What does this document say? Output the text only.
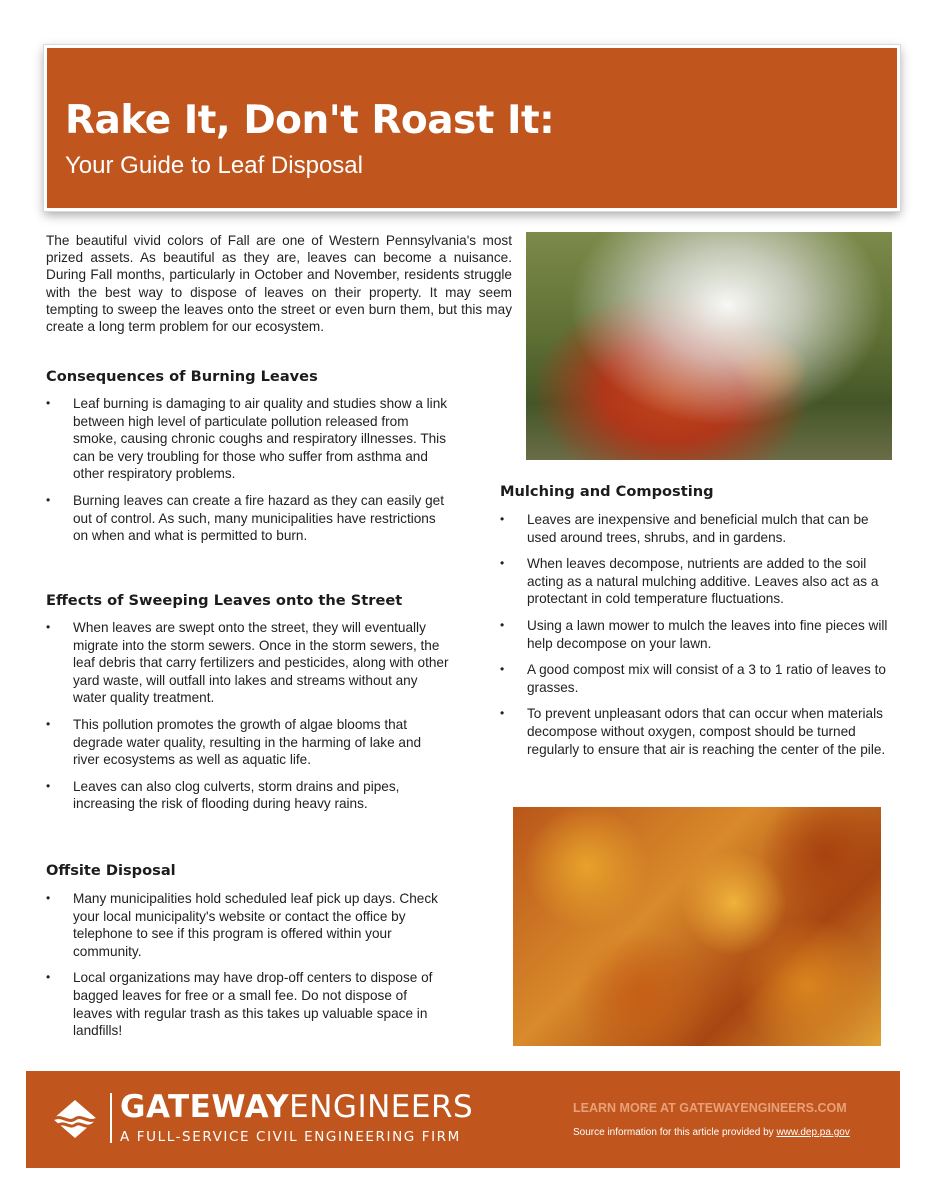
Rake It, Don't Roast It:
Your Guide to Leaf Disposal

The beautiful vivid colors of Fall are one of Western Pennsylvania's most prized assets. As beautiful as they are, leaves can become a nuisance. During Fall months, particularly in October and November, residents struggle with the best way to dispose of leaves on their property. It may seem tempting to sweep the leaves onto the street or even burn them, but this may create a long term problem for our ecosystem.

Consequences of Burning Leaves
• Leaf burning is damaging to air quality and studies show a link between high level of particulate pollution released from smoke, causing chronic coughs and respiratory illnesses. This can be very troubling for those who suffer from asthma and other respiratory problems.
• Burning leaves can create a fire hazard as they can easily get out of control. As such, many municipalities have restrictions on when and what is permitted to burn.
Effects of Sweeping Leaves onto the Street
• When leaves are swept onto the street, they will eventually migrate into the storm sewers. Once in the storm sewers, the leaf debris that carry fertilizers and pesticides, along with other yard waste, will outfall into lakes and streams without any water quality treatment.
• This pollution promotes the growth of algae blooms that degrade water quality, resulting in the harming of lake and river ecosystems as well as aquatic life.
• Leaves can also clog culverts, storm drains and pipes, increasing the risk of flooding during heavy rains.
Offsite Disposal
• Many municipalities hold scheduled leaf pick up days. Check your local municipality's website or contact the office by telephone to see if this program is offered within your community.
• Local organizations may have drop-off centers to dispose of bagged leaves for free or a small fee. Do not dispose of leaves with regular trash as this takes up valuable space in landfills!
Mulching and Composting
• Leaves are inexpensive and beneficial mulch that can be used around trees, shrubs, and in gardens.
• When leaves decompose, nutrients are added to the soil acting as a natural mulching additive. Leaves also act as a protectant in cold temperature fluctuations.
• Using a lawn mower to mulch the leaves into fine pieces will help decompose on your lawn.
• A good compost mix will consist of a 3 to 1 ratio of leaves to grasses.
• To prevent unpleasant odors that can occur when materials decompose without oxygen, compost should be turned regularly to ensure that air is reaching the center of the pile.
GATEWAYENGINEERS
A FULL-SERVICE CIVIL ENGINEERING FIRM
LEARN MORE AT GATEWAYENGINEERS.COM
Source information for this article provided by www.dep.pa.gov
